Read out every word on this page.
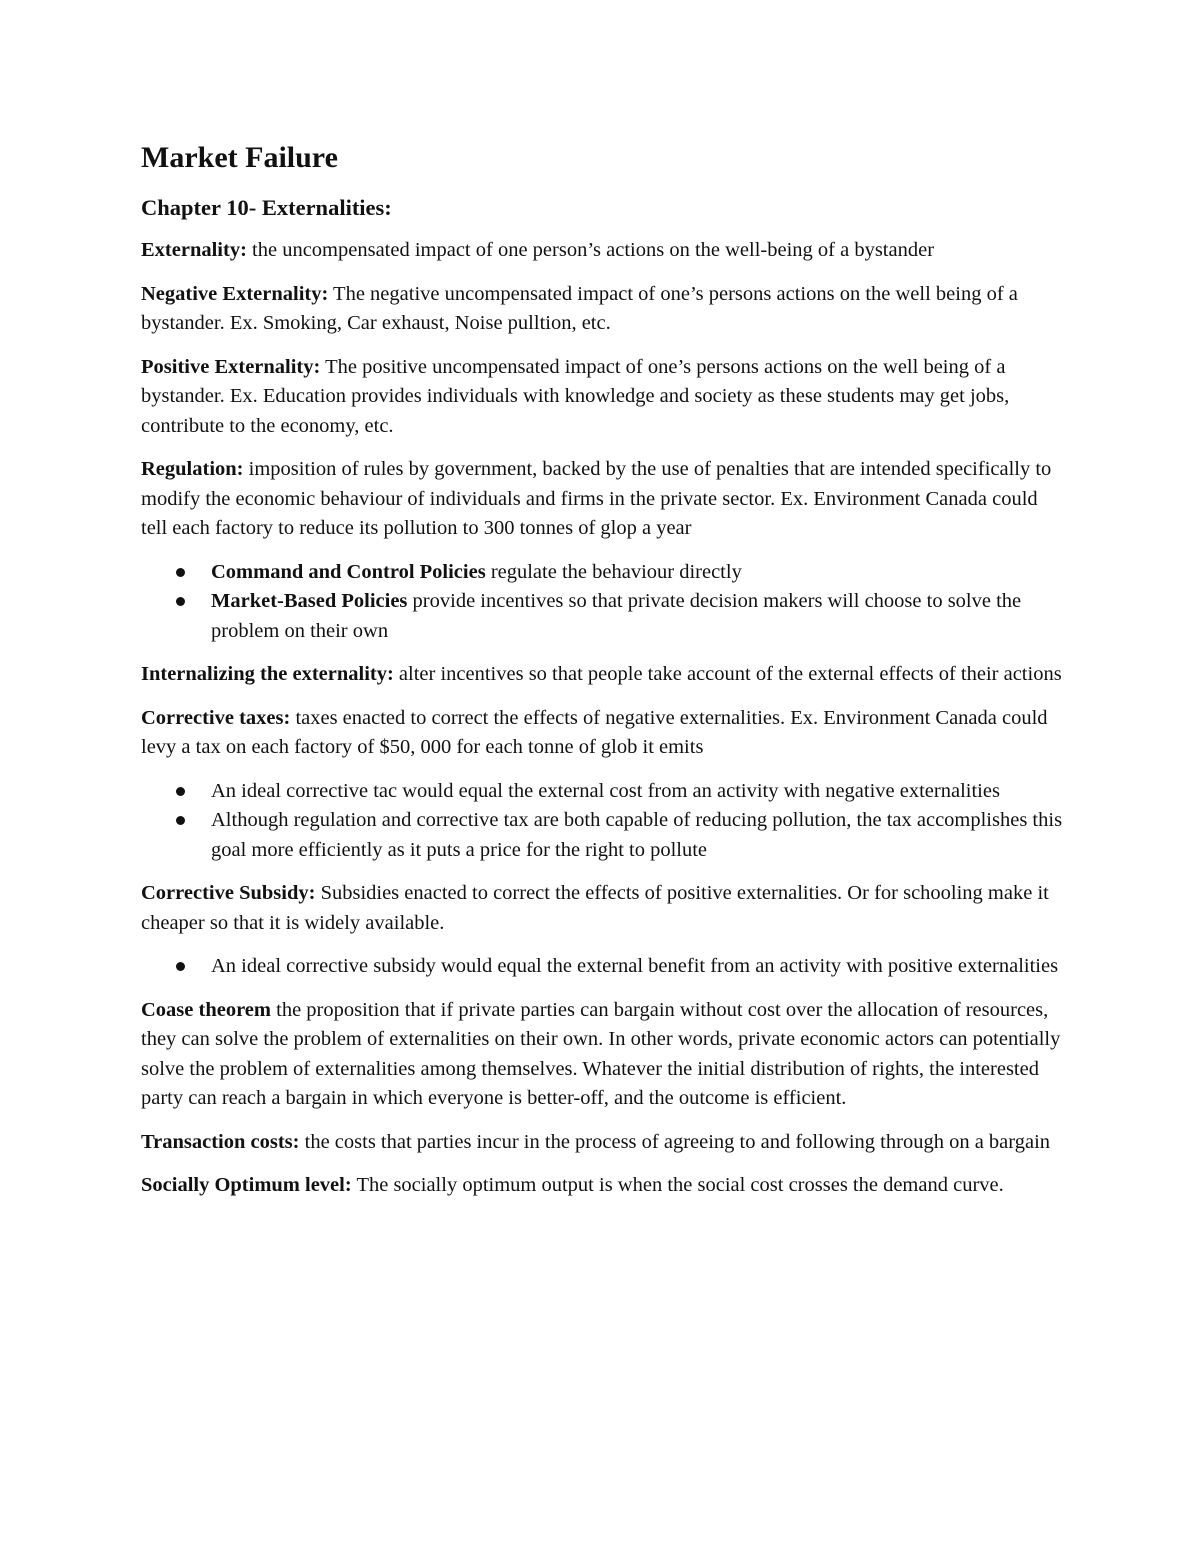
Market Failure
Chapter 10- Externalities:

Externality: the uncompensated impact of one person’s actions on the well-being of a bystander

Negative Externality: The negative uncompensated impact of one’s persons actions on the well being of a bystander. Ex. Smoking, Car exhaust, Noise pulltion, etc.

Positive Externality: The positive uncompensated impact of one’s persons actions on the well being of a bystander. Ex. Education provides individuals with knowledge and society as these students may get jobs, contribute to the economy, etc.

Regulation: imposition of rules by government, backed by the use of penalties that are intended specifically to modify the economic behaviour of individuals and firms in the private sector. Ex. Environment Canada could tell each factory to reduce its pollution to 300 tonnes of glop a year

Command and Control Policies regulate the behaviour directly
Market-Based Policies provide incentives so that private decision makers will choose to solve the problem on their own

Internalizing the externality: alter incentives so that people take account of the external effects of their actions

Corrective taxes: taxes enacted to correct the effects of negative externalities. Ex. Environment Canada could levy a tax on each factory of $50, 000 for each tonne of glob it emits

An ideal corrective tac would equal the external cost from an activity with negative externalities
Although regulation and corrective tax are both capable of reducing pollution, the tax accomplishes this goal more efficiently as it puts a price for the right to pollute

Corrective Subsidy: Subsidies enacted to correct the effects of positive externalities. Or for schooling make it cheaper so that it is widely available.

An ideal corrective subsidy would equal the external benefit from an activity with positive externalities

Coase theorem the proposition that if private parties can bargain without cost over the allocation of resources, they can solve the problem of externalities on their own. In other words, private economic actors can potentially solve the problem of externalities among themselves. Whatever the initial distribution of rights, the interested party can reach a bargain in which everyone is better-off, and the outcome is efficient.

Transaction costs: the costs that parties incur in the process of agreeing to and following through on a bargain

Socially Optimum level: The socially optimum output is when the social cost crosses the demand curve.
